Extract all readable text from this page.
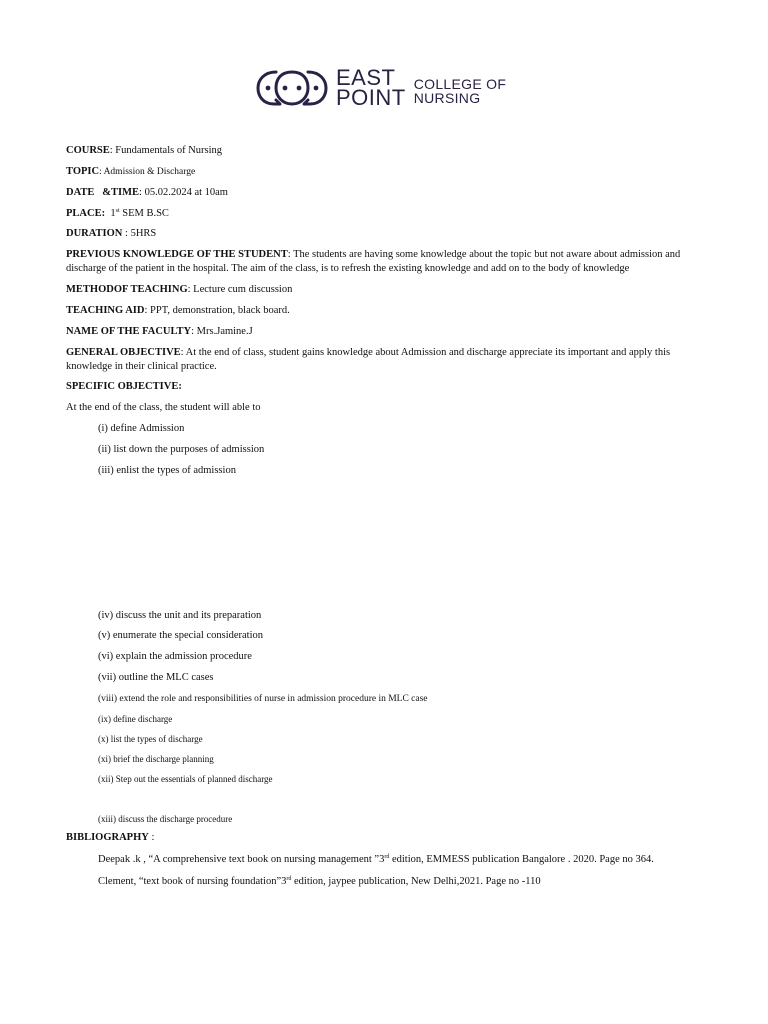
EAST
POINT
COLLEGE OF
NURSING
COURSE: Fundamentals of Nursing
TOPIC: Admission & Discharge
DATE   &TIME: 05.02.2024 at 10am
PLACE: 1st SEM B.SC
DURATION : 5HRS
PREVIOUS KNOWLEDGE OF THE STUDENT: The students are having some knowledge about the topic but not aware about admission and discharge of the patient in the hospital. The aim of the class, is to refresh the existing knowledge and add on to the body of knowledge
METHODOF TEACHING: Lecture cum discussion
TEACHING AID: PPT, demonstration, black board.
NAME OF THE FACULTY: Mrs.Jamine.J
GENERAL OBJECTIVE: At the end of class, student gains knowledge about Admission and discharge appreciate its important and apply this knowledge in their clinical practice.
SPECIFIC OBJECTIVE:
At the end of the class, the student will able to
(i) define Admission
(ii) list down the purposes of admission
(iii) enlist the types of admission
(iv) discuss the unit and its preparation
(v) enumerate the special consideration
(vi) explain the admission procedure
(vii) outline the MLC cases
(viii) extend the role and responsibilities of nurse in admission procedure in MLC case
(ix) define discharge
(x) list the types of discharge
(xi) brief the discharge planning
(xii) Step out the essentials of planned discharge
(xiii) discuss the discharge procedure
BIBLIOGRAPHY :
Deepak .k , “A comprehensive text book on nursing management ”3rd edition, EMMESS publication Bangalore . 2020. Page no 364.
Clement, “text book of nursing foundation”3rd edition, jaypee publication, New Delhi,2021. Page no -110
